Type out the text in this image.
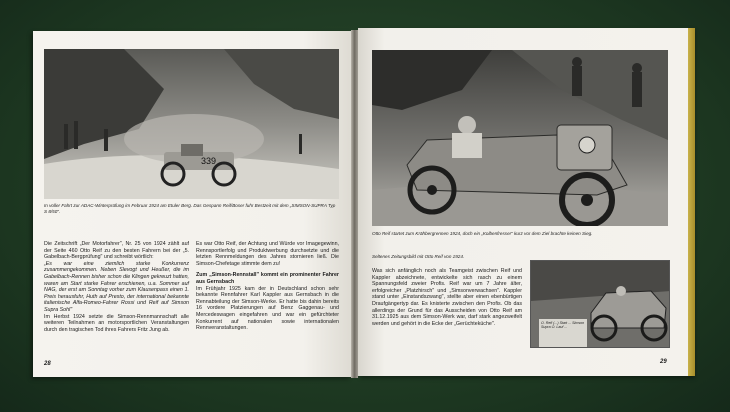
339
In voller Fahrt zur ADAC-Winterprüfung im Februar 1924 am Etuler Berg. Das Gespann Reif/Boser fuhr Bestzeit mit dem „SIMSON-SUPRA Typ S 8/50".

Die Zeitschrift „Der Motorfahrer", Nr. 25 von 1924 zählt auf der Seite 460 Otto Reif zu den besten Fahrern bei der „5. Gabelbach-Bergprüfung" und schreibt wörtlich:

„Es war eine ziemlich starke Konkurrenz zusammengekommen. Neben Slevogt und Heußer, die im Gabelbach-Rennen bisher schon die Klingen gekreuzt hatten, waren am Start starke Fahrer erschienen, u.a. Sommer auf NAG, der erst am Sonntag vorher zum Klausenpass einen 1. Preis herausfuhr, Huth auf Presto, der international bekannte italienische Alfa-Romeo-Fahrer Rossi und Reif auf Simson Supra Sohl"

Im Herbst 1924 setzte die Simson-Rennmannschaft alle weiteren Teilnahmen an motorsportlichen Veranstaltungen durch den tragischen Tod ihres Fahrers Fritz Jung ab.

Es war Otto Reif, der Achtung und Würde vor Imagegewinn, Rennsportlerfolg und Produktwerbung durchsetzte und die letzten Rennmeldungen des Jahres stornieren ließ. Die Simson-Chefetage stimmte dem zu!

Zum „Simson-Rennstall" kommt ein prominenter Fahrer aus Gernsbach

Im Frühjahr 1925 kam der in Deutschland schon sehr bekannte Rennfahrer Karl Kappler aus Gernsbach in die Rennabteilung der Simson-Werke. Er hatte bis dahin bereits 16 vordere Platzierungen auf Benz Gaggenau- und Mercedeswagen eingefahren und war ein gefürchteter Konkurrent auf nationalen sowie internationalen Rennveranstaltungen.

28
Otto Reif startet zum Krähbergrennen 1924, doch ein „Kolbenfresser" kurz vor dem Ziel brachte keinen Sieg.
Seltenes Zeitungsbild mit Otto Reif von 1924.

Was sich anfänglich noch als Teamgeist zwischen Reif und Kappler abzeichnete, entwickelte sich rasch zu einem Spannungsfeld zweier Profis. Reif war um 7 Jahre älter, erfolgreicher „Platzhirsch" und „Simsonverwachsen". Kappler stand unter „Einstandszwang", stellte aber einen ebenbürtigen Draufgängertyp dar. Es knisterte zwischen den Profis. Ob das allerdings der Grund für das Ausscheiden von Otto Reif am 31.12.1925 aus dem Simson-Werk war, darf stark angezweifelt werden und gehört in die Ecke der „Gerüchteküche".	O. Reif (...) Start ... Simson Supra O. Lauf ...
29
